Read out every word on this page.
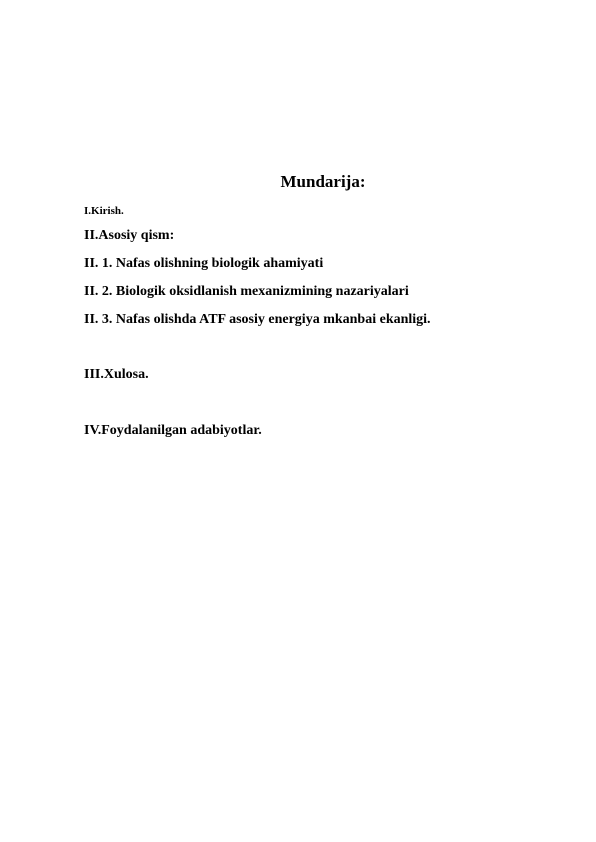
Mundarija:
I.Kirish.
II.Asosiy qism:
II. 1. Nafas olishning biologik ahamiyati
II. 2. Biologik oksidlanish mexanizmining nazariyalari
II. 3. Nafas olishda ATF asosiy energiya mkanbai ekanligi.
III.Xulosa.
IV.Foydalanilgan adabiyotlar.
